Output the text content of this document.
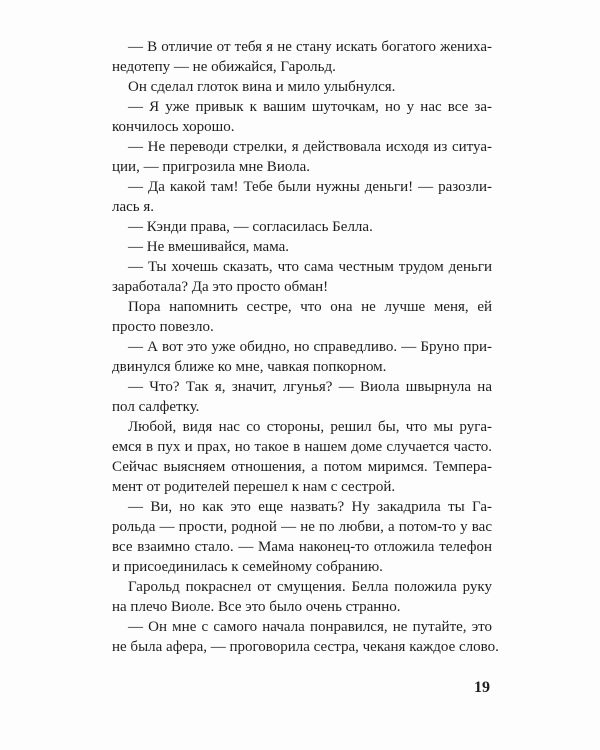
— В отличие от тебя я не стану искать богатого жениха-
недотепу — не обижайся, Гарольд.
Он сделал глоток вина и мило улыбнулся.
— Я уже привык к вашим шуточкам, но у нас все за-
кончилось хорошо.
— Не переводи стрелки, я действовала исходя из ситуа-
ции, — пригрозила мне Виола.
— Да какой там! Тебе были нужны деньги! — разозли-
лась я.
— Кэнди права, — согласилась Белла.
— Не вмешивайся, мама.
— Ты хочешь сказать, что сама честным трудом деньги
заработала? Да это просто обман!
Пора напомнить сестре, что она не лучше меня, ей
просто повезло.
— А вот это уже обидно, но справедливо. — Бруно при-
двинулся ближе ко мне, чавкая попкорном.
— Что? Так я, значит, лгунья? — Виола швырнула на
пол салфетку.
Любой, видя нас со стороны, решил бы, что мы руга-
емся в пух и прах, но такое в нашем доме случается часто.
Сейчас выясняем отношения, а потом миримся. Темпера-
мент от родителей перешел к нам с сестрой.
— Ви, но как это еще назвать? Ну закадрила ты Га-
рольда — прости, родной — не по любви, а потом-то у вас
все взаимно стало. — Мама наконец-то отложила телефон
и присоединилась к семейному собранию.
Гарольд покраснел от смущения. Белла положила руку
на плечо Виоле. Все это было очень странно.
— Он мне с самого начала понравился, не путайте, это
не была афера, — проговорила сестра, чеканя каждое слово.
19
